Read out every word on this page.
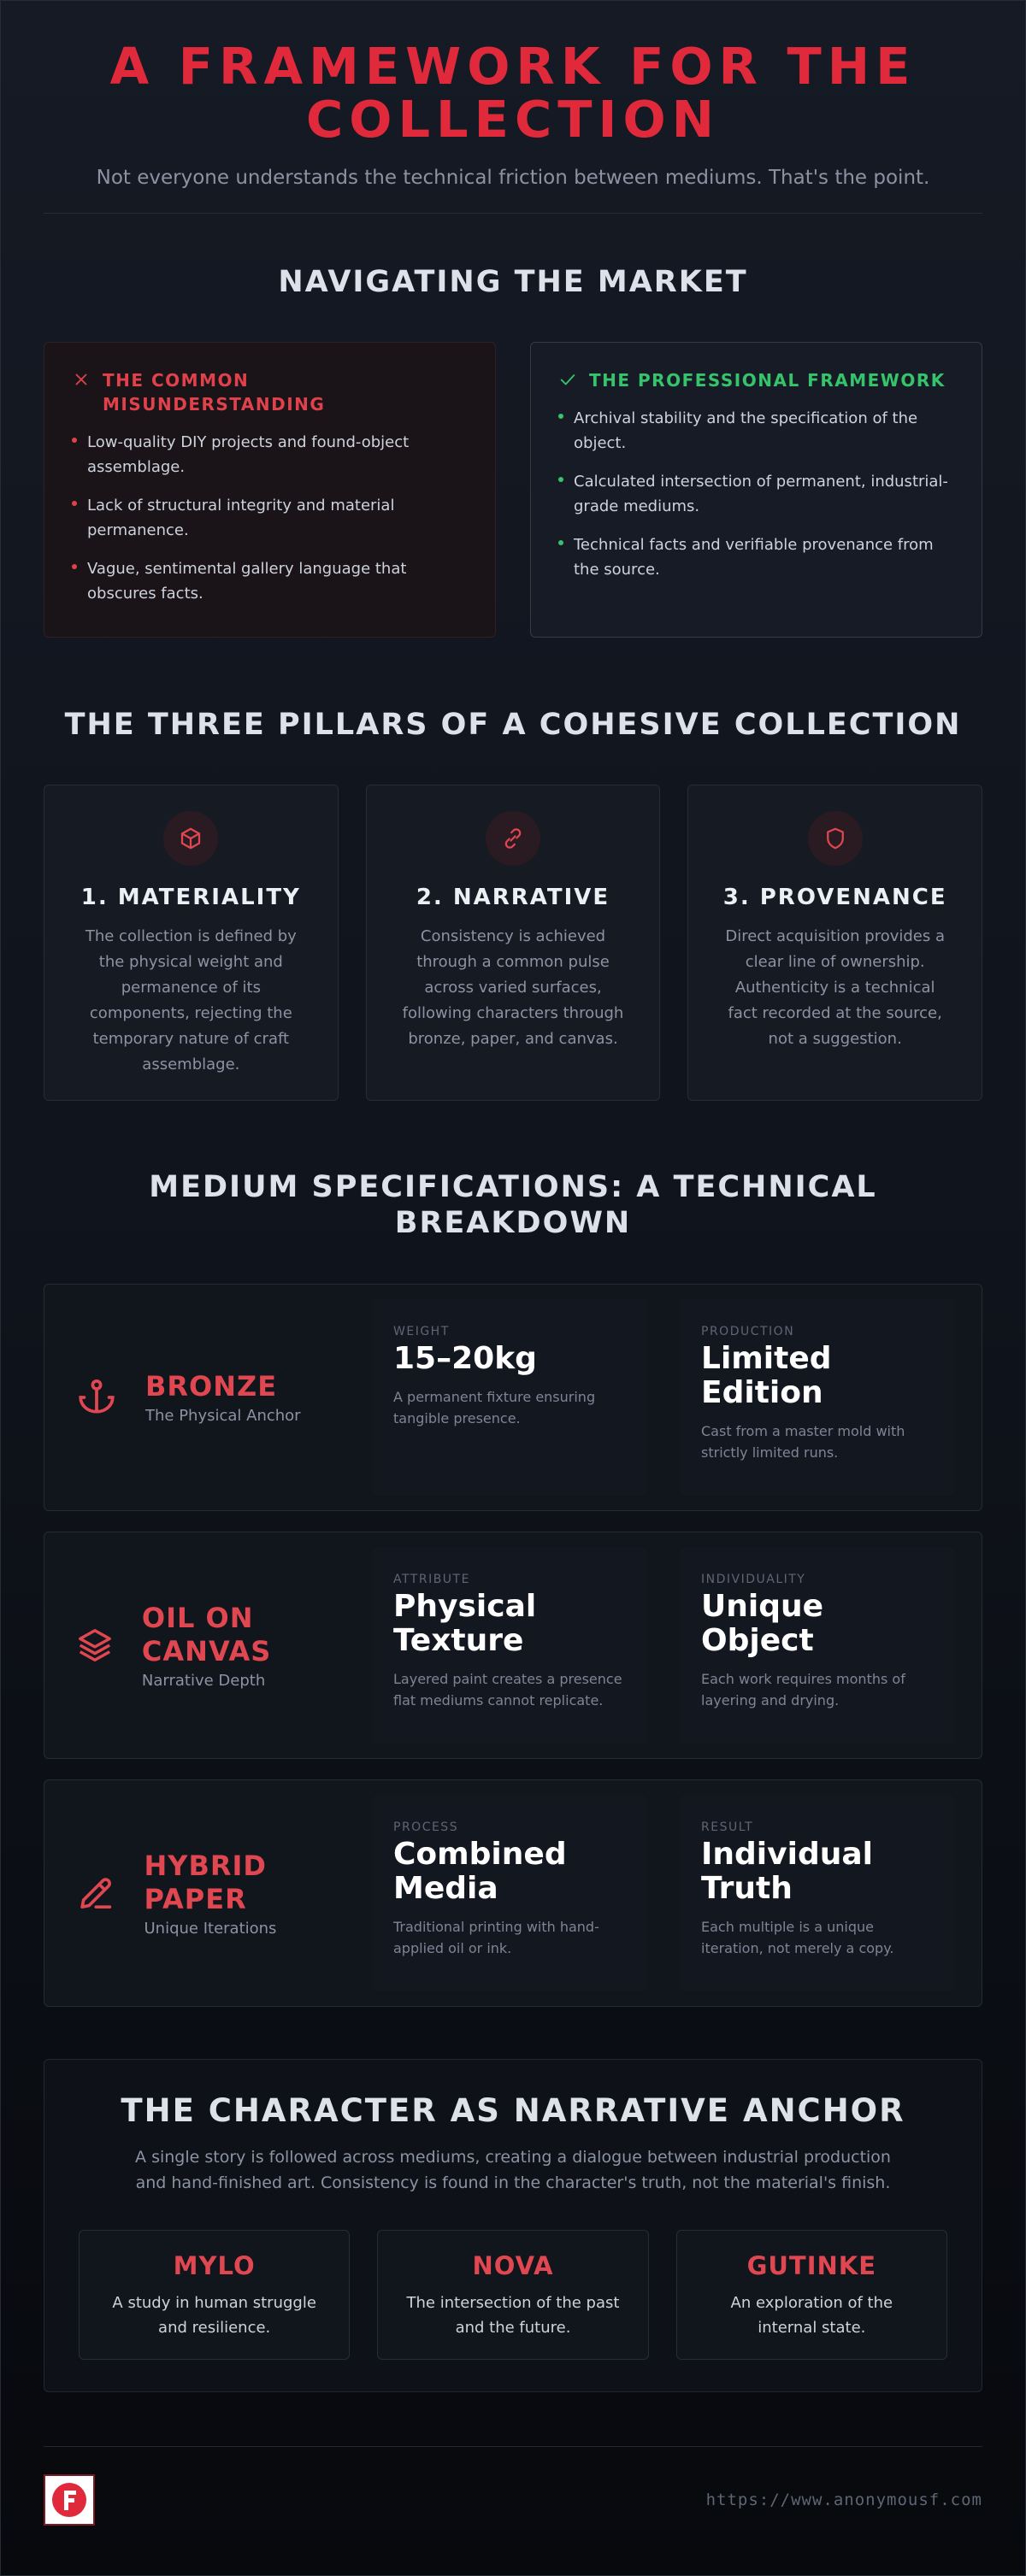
A FRAMEWORK FOR THE COLLECTION

Not everyone understands the technical friction between mediums. That's the point.

NAVIGATING THE MARKET
THE COMMON MISUNDERSTANDING
Low-quality DIY projects and found-object assemblage.
Lack of structural integrity and material permanence.
Vague, sentimental gallery language that obscures facts.
THE PROFESSIONAL FRAMEWORK
Archival stability and the specification of the object.
Calculated intersection of permanent, industrial-grade mediums.
Technical facts and verifiable provenance from the source.
THE THREE PILLARS OF A COHESIVE COLLECTION
1. MATERIALITY

The collection is defined by the physical weight and permanence of its components, rejecting the temporary nature of craft assemblage.

2. NARRATIVE

Consistency is achieved through a common pulse across varied surfaces, following characters through bronze, paper, and canvas.

3. PROVENANCE

Direct acquisition provides a clear line of ownership. Authenticity is a technical fact recorded at the source, not a suggestion.

MEDIUM SPECIFICATIONS: A TECHNICAL BREAKDOWN
BRONZE
The Physical Anchor
WEIGHT
15–20kg
A permanent fixture ensuring tangible presence.
PRODUCTION
Limited Edition
Cast from a master mold with strictly limited runs.
OIL ON CANVAS
Narrative Depth
ATTRIBUTE
Physical Texture
Layered paint creates a presence flat mediums cannot replicate.
INDIVIDUALITY
Unique Object
Each work requires months of layering and drying.
HYBRID PAPER
Unique Iterations
PROCESS
Combined Media
Traditional printing with hand-applied oil or ink.
RESULT
Individual Truth
Each multiple is a unique iteration, not merely a copy.
THE CHARACTER AS NARRATIVE ANCHOR

A single story is followed across mediums, creating a dialogue between industrial production and hand-finished art. Consistency is found in the character's truth, not the material's finish.

MYLO
A study in human struggle and resilience.
NOVA
The intersection of the past and the future.
GUTINKE
An exploration of the internal state.
https://www.anonymousf.com
